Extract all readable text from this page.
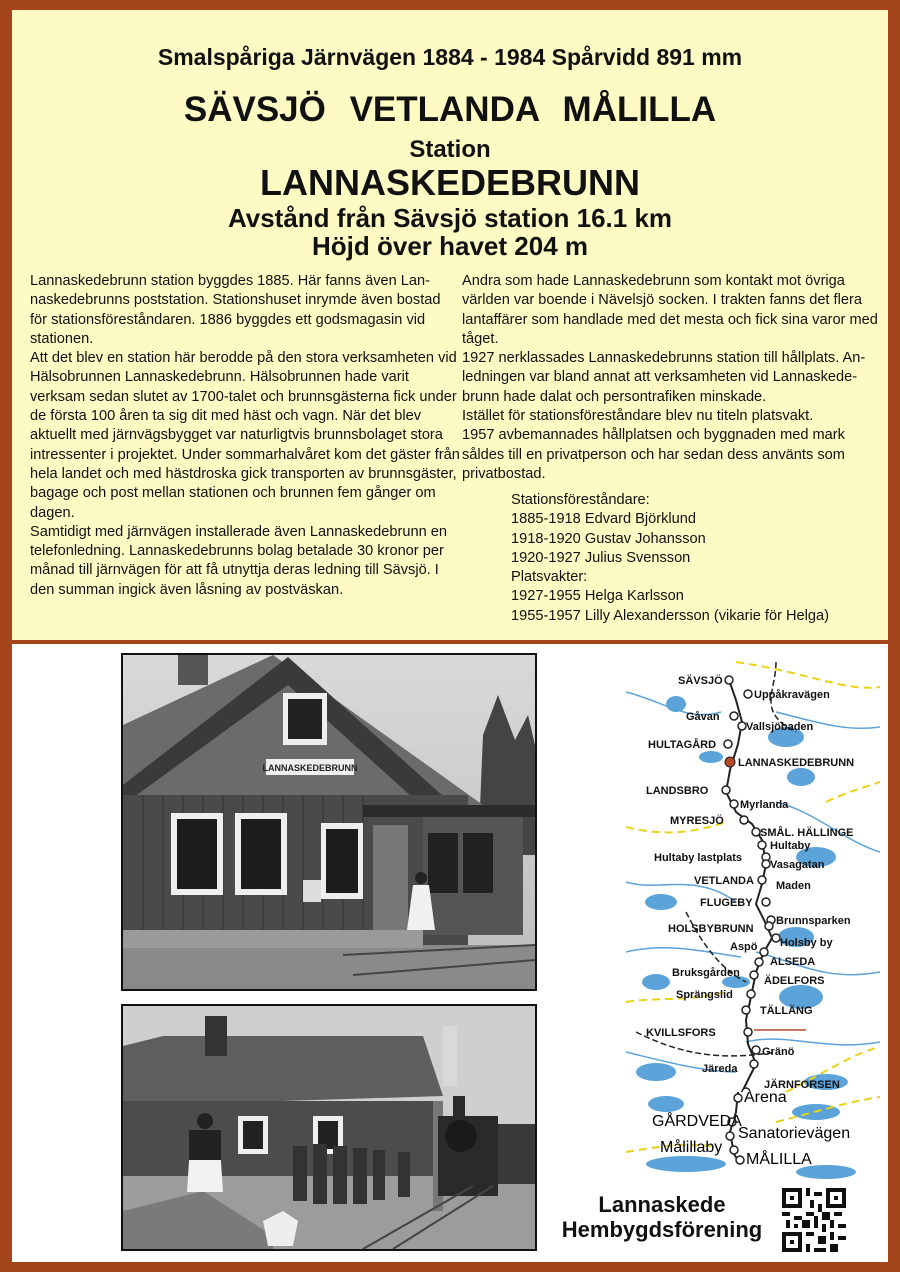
Smalspåriga Järnvägen 1884 - 1984 Spårvidd 891 mm
SÄVSJÖ VETLANDA MÅLILLA
Station
LANNASKEDEBRUNN
Avstånd från Sävsjö station 16.1 km
Höjd över havet 204 m

Lannaskedebrunn station byggdes 1885. Här fanns även Lan-naskedebrunns poststation. Stationshuset inrymde även bostad för stationsföreståndaren. 1886 byggdes ett godsmagasin vid stationen.

Att det blev en station här berodde på den stora verksamheten vid Hälsobrunnen Lannaskedebrunn. Hälsobrunnen hade varit verksam sedan slutet av 1700-talet och brunnsgästerna fick under de första 100 åren ta sig dit med häst och vagn. När det blev aktuellt med järnvägsbygget var naturligtvis brunnsbolaget stora intressenter i projektet. Under sommarhalvåret kom det gäster från hela landet och med hästdroska gick transporten av brunnsgäster, bagage och post mellan stationen och brunnen fem gånger om dagen.

Samtidigt med järnvägen installerade även Lannaskedebrunn en telefonledning. Lannaskedebrunns bolag betalade 30 kronor per månad till järnvägen för att få utnyttja deras ledning till Sävsjö. I den summan ingick även låsning av postväskan.

Andra som hade Lannaskedebrunn som kontakt mot övriga världen var boende i Nävelsjö socken. I trakten fanns det flera lantaffärer som handlade med det mesta och fick sina varor med tåget.

1927 nerklassades Lannaskedebrunns station till hållplats. An-ledningen var bland annat att verksamheten vid Lannaskede-brunn hade dalat och persontrafiken minskade.

Istället för stationsföreståndare blev nu titeln platsvakt.

1957 avbemannades hållplatsen och byggnaden med mark såldes till en privatperson och har sedan dess använts som privatbostad.

Stationsföreståndare:
1885-1918 Edvard Björklund
1918-1920 Gustav Johansson
1920-1927 Julius Svensson
Platsvakter:
1927-1955 Helga Karlsson
1955-1957 Lilly Alexandersson (vikarie för Helga)
LANNASKEDEBRUNN
SÄVSJÖ
Uppåkravägen
Gåvan
Vallsjöbaden
HULTAGÅRD
LANNASKEDEBRUNN
LANDSBRO
Myrlanda
MYRESJÖ
SMÅL. HÄLLINGE
Hultaby
Hultaby lastplats
Vasagatan
VETLANDA Maden
FLUGEBY
Brunnsparken
HOLSBYBRUNN
Aspö Holsby by
ALSEDA
Bruksgården
ÄDELFORS
Sprängslid
TÄLLÄNG
KVILLSFORS
Gränö
Järeda
JÄRNFORSEN
Arena
GÅRDVEDA
Sanatorievägen
Målillaby
MÅLILLA
Lannaskede
Hembygdsförening
